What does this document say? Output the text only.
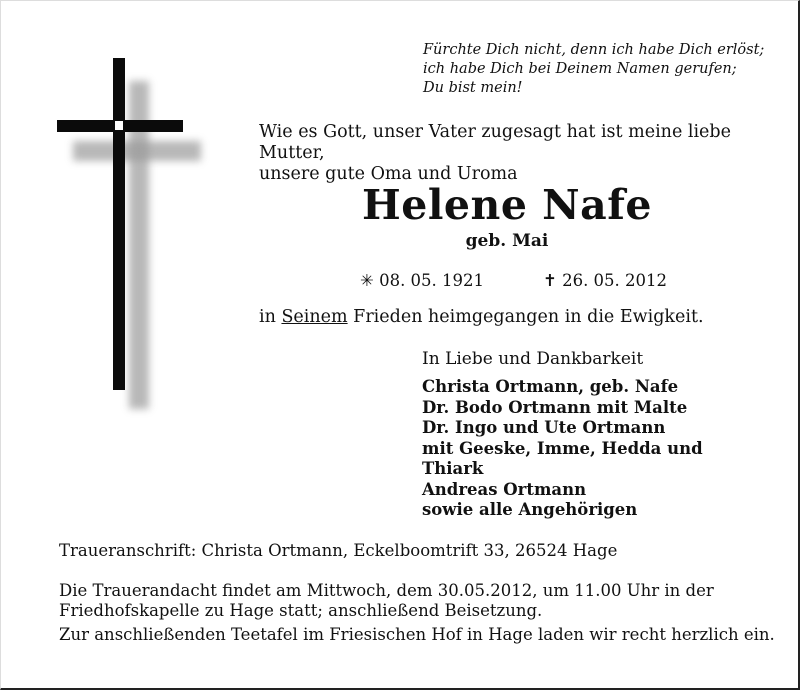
Fürchte Dich nicht, denn ich habe Dich erlöst;
ich habe Dich bei Deinem Namen gerufen;
Du bist mein!
Wie es Gott, unser Vater zugesagt hat ist meine liebe Mutter,
unsere gute Oma und Uroma
Helene Nafe
geb. Mai
✳ 08. 05. 1921	✝ 26. 05. 2012
in Seinem Frieden heimgegangen in die Ewigkeit.
In Liebe und Dankbarkeit
Christa Ortmann, geb. Nafe
Dr. Bodo Ortmann mit Malte
Dr. Ingo und Ute Ortmann
mit Geeske, Imme, Hedda und
Thiark
Andreas Ortmann
sowie alle Angehörigen
Traueranschrift: Christa Ortmann, Eckelboomtrift 33, 26524 Hage
Die Trauerandacht findet am Mittwoch, dem 30.05.2012, um 11.00 Uhr in der
Friedhofskapelle zu Hage statt; anschließend Beisetzung.
Zur anschließenden Teetafel im Friesischen Hof in Hage laden wir recht herzlich ein.
